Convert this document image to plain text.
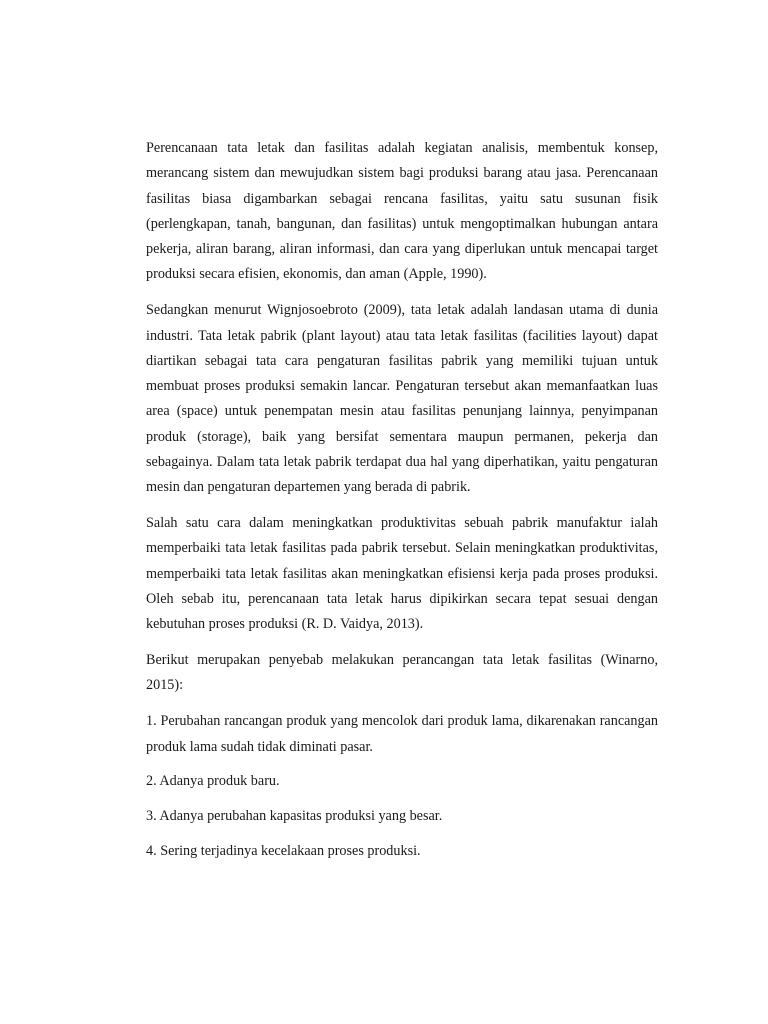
Perencanaan tata letak dan fasilitas adalah kegiatan analisis, membentuk konsep, merancang sistem dan mewujudkan sistem bagi produksi barang atau jasa. Perencanaan fasilitas biasa digambarkan sebagai rencana fasilitas, yaitu satu susunan fisik (perlengkapan, tanah, bangunan, dan fasilitas) untuk mengoptimalkan hubungan antara pekerja, aliran barang, aliran informasi, dan cara yang diperlukan untuk mencapai target produksi secara efisien, ekonomis, dan aman (Apple, 1990).

Sedangkan menurut Wignjosoebroto (2009), tata letak adalah landasan utama di dunia industri. Tata letak pabrik (plant layout) atau tata letak fasilitas (facilities layout) dapat diartikan sebagai tata cara pengaturan fasilitas pabrik yang memiliki tujuan untuk membuat proses produksi semakin lancar. Pengaturan tersebut akan memanfaatkan luas area (space) untuk penempatan mesin atau fasilitas penunjang lainnya, penyimpanan produk (storage), baik yang bersifat sementara maupun permanen, pekerja dan sebagainya. Dalam tata letak pabrik terdapat dua hal yang diperhatikan, yaitu pengaturan mesin dan pengaturan departemen yang berada di pabrik.

Salah satu cara dalam meningkatkan produktivitas sebuah pabrik manufaktur ialah memperbaiki tata letak fasilitas pada pabrik tersebut. Selain meningkatkan produktivitas, memperbaiki tata letak fasilitas akan meningkatkan efisiensi kerja pada proses produksi. Oleh sebab itu, perencanaan tata letak harus dipikirkan secara tepat sesuai dengan kebutuhan proses produksi (R. D. Vaidya, 2013).

Berikut merupakan penyebab melakukan perancangan tata letak fasilitas (Winarno, 2015):

1. Perubahan rancangan produk yang mencolok dari produk lama, dikarenakan rancangan produk lama sudah tidak diminati pasar.

2. Adanya produk baru.

3. Adanya perubahan kapasitas produksi yang besar.

4. Sering terjadinya kecelakaan proses produksi.
